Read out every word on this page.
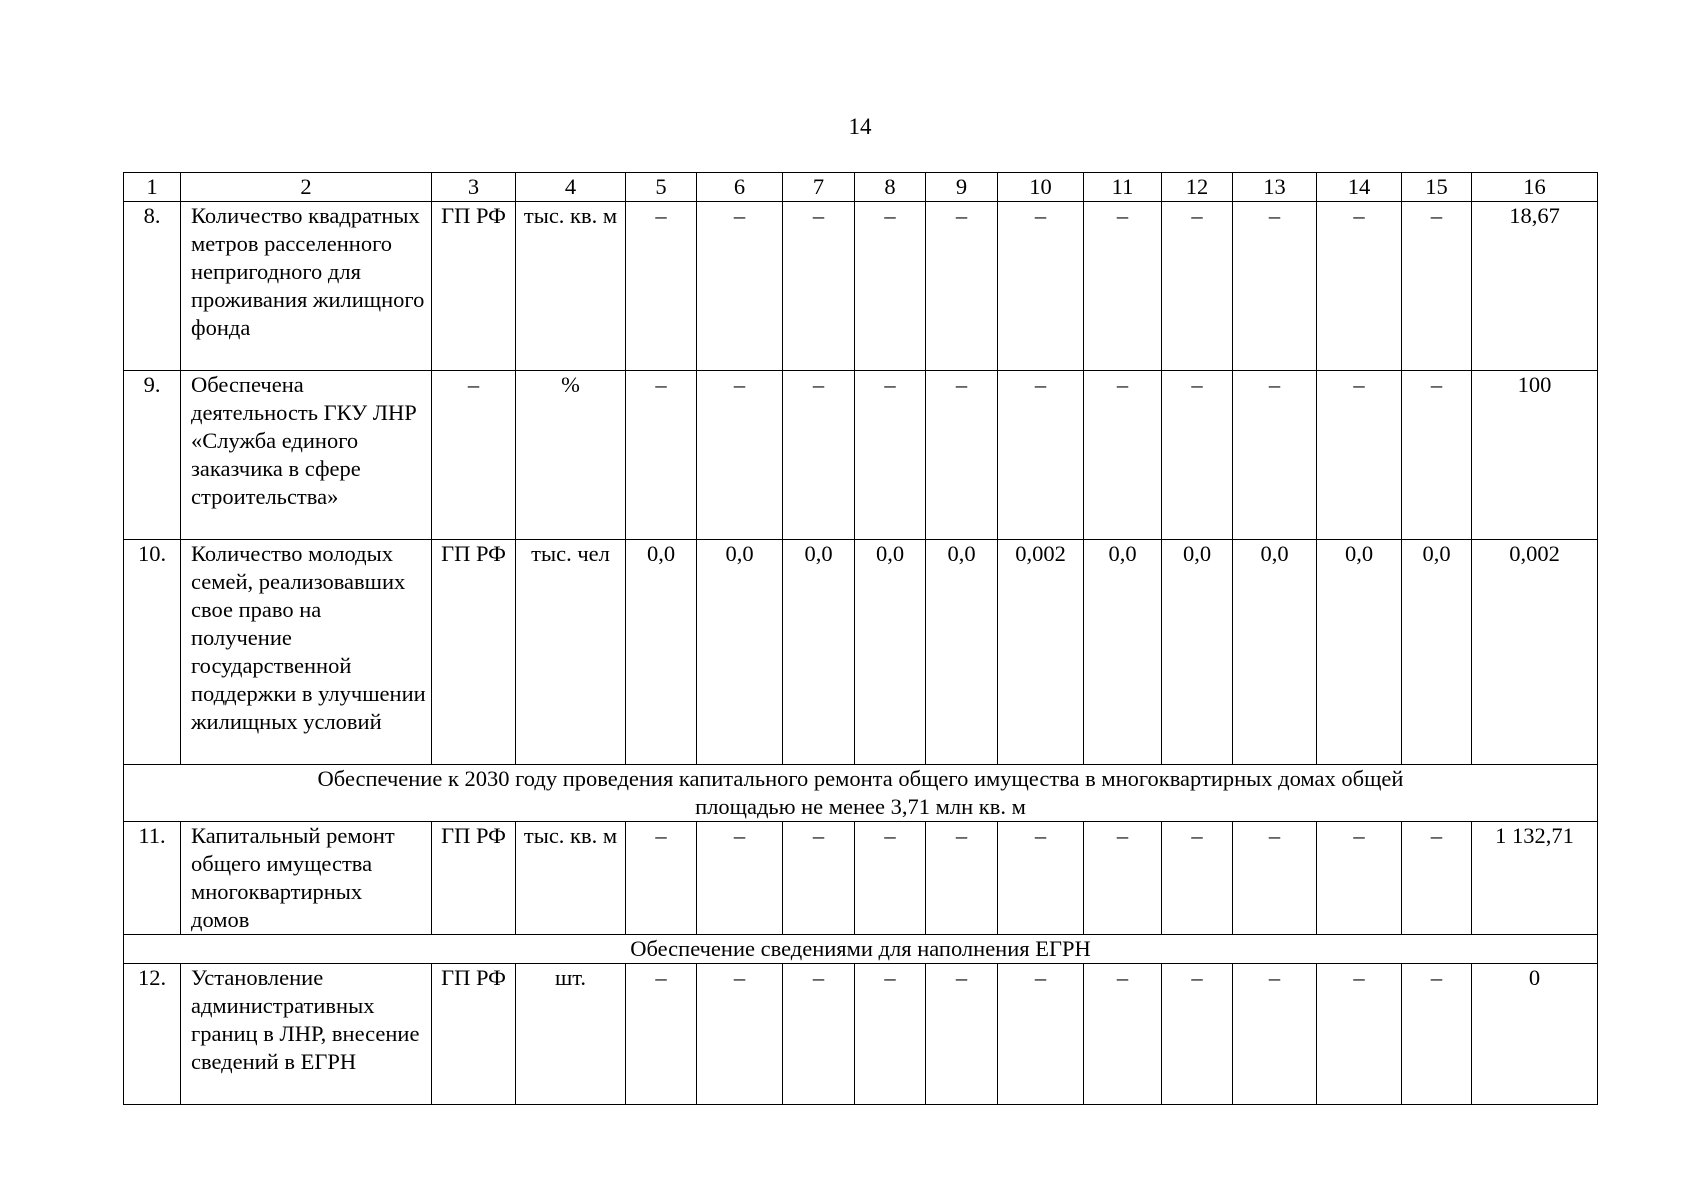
14
1	2	3	4	5	6	7	8	9	10	11	12	13	14	15	16
8.	Количество квадратных метров расселенного непригодного для проживания жилищного фонда	ГП РФ	тыс. кв. м	–	–	–	–	–	–	–	–	–	–	–	18,67
9.	Обеспечена деятельность ГКУ ЛНР «Служба единого заказчика в сфере строительства»	–	%	–	–	–	–	–	–	–	–	–	–	–	100
10.	Количество молодых семей, реализовавших свое право на получение государственной поддержки в улучшении жилищных условий	ГП РФ	тыс. чел	0,0	0,0	0,0	0,0	0,0	0,002	0,0	0,0	0,0	0,0	0,0	0,002
Обеспечение к 2030 году проведения капитального ремонта общего имущества в многоквартирных домах общей площадью не менее 3,71 млн кв. м															
11.	Капитальный ремонт общего имущества многоквартирных домов	ГП РФ	тыс. кв. м	–	–	–	–	–	–	–	–	–	–	–	1 132,71
Обеспечение сведениями для наполнения ЕГРН															
12.	Установление административных границ в ЛНР, внесение сведений в ЕГРН	ГП РФ	шт.	–	–	–	–	–	–	–	–	–	–	–	0
